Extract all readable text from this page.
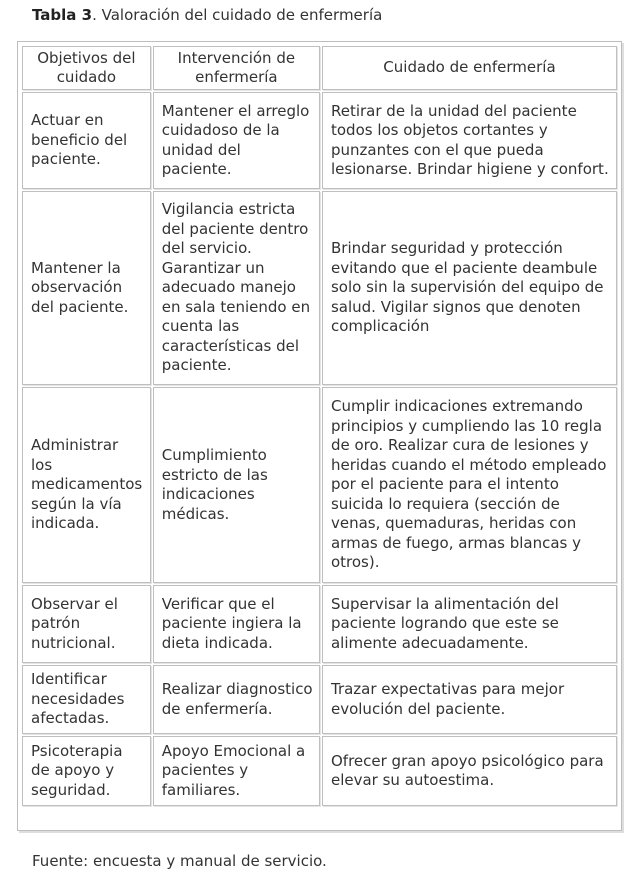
Tabla 3. Valoración del cuidado de enfermería
Objetivos del cuidado	Intervención de enfermería	Cuidado de enfermería
Actuar en beneficio del paciente.	Mantener el arreglo cuidadoso de la unidad del paciente.	Retirar de la unidad del paciente todos los objetos cortantes y punzantes con el que pueda lesionarse. Brindar higiene y confort.
Mantener la observación del paciente.	Vigilancia estricta del paciente dentro del servicio. Garantizar un adecuado manejo en sala teniendo en cuenta las características del paciente.	Brindar seguridad y protección evitando que el paciente deambule solo sin la supervisión del equipo de salud. Vigilar signos que denoten complicación
Administrar los medicamentos según la vía indicada.	Cumplimiento estricto de las indicaciones médicas.	Cumplir indicaciones extremando principios y cumpliendo las 10 regla de oro. Realizar cura de lesiones y heridas cuando el método empleado por el paciente para el intento suicida lo requiera (sección de venas, quemaduras, heridas con armas de fuego, armas blancas y otros).
Observar el patrón nutricional.	Verificar que el paciente ingiera la dieta indicada.	Supervisar la alimentación del paciente logrando que este se alimente adecuadamente.
Identificar necesidades afectadas.	Realizar diagnostico de enfermería.	Trazar expectativas para mejor evolución del paciente.
Psicoterapia de apoyo y seguridad.	Apoyo Emocional a pacientes y familiares.	Ofrecer gran apoyo psicológico para elevar su autoestima.
Fuente: encuesta y manual de servicio.
